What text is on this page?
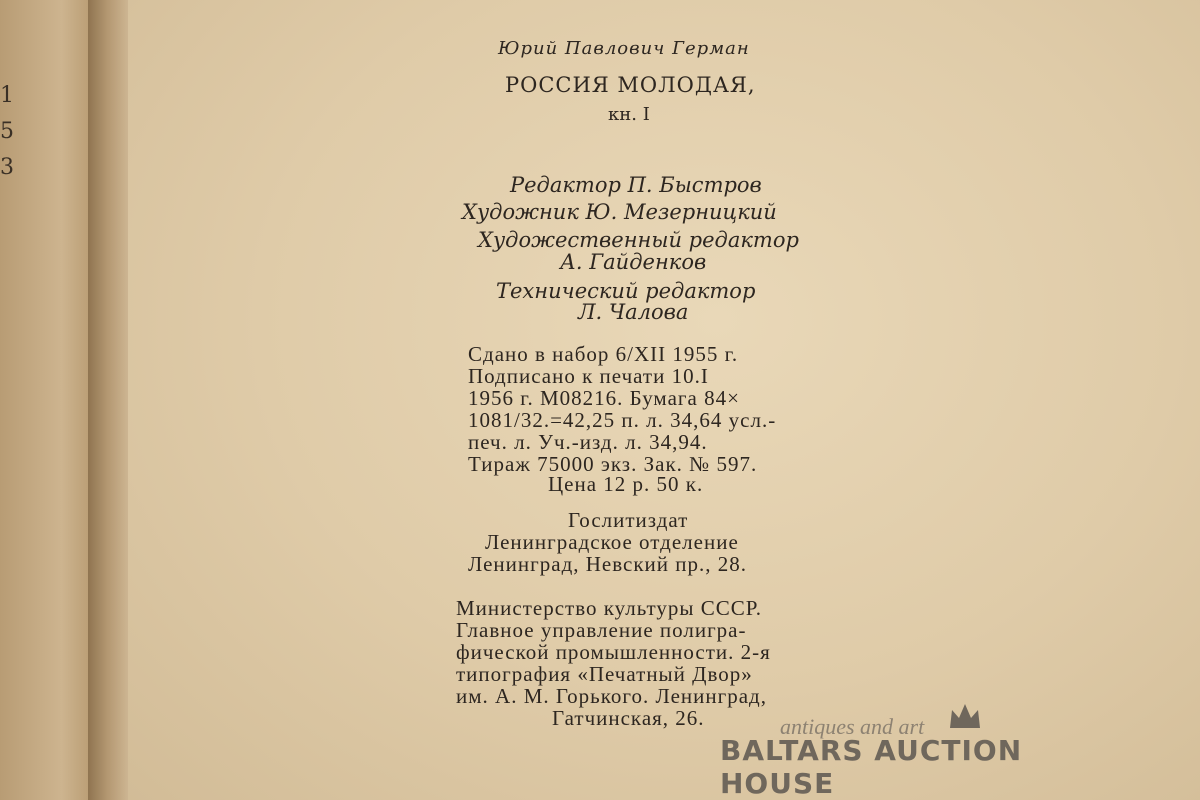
1
5
3
Юрий Павлович Герман
РОССИЯ МОЛОДАЯ,
кн. I
Редактор П. Быстров
Художник Ю. Мезерницкий
Художественный редактор
А. Гайденков
Технический редактор
Л. Чалова
Сдано в набор 6/XII 1955 г.
Подписано к печати 10.I
1956 г. М08216. Бумага 84×
1081/32.=42,25 п. л. 34,64 усл.-
печ. л. Уч.-изд. л. 34,94.
Тираж 75000 экз. Зак. № 597.
Цена 12 р. 50 к.
Гослитиздат
Ленинградское отделение
Ленинград, Невский пр., 28.
Министерство культуры СССР.
Главное управление полигра-
фической промышленности. 2-я
типография «Печатный Двор»
им. А. М. Горького. Ленинград,
Гатчинская, 26.	antiques and art
BALTARS AUCTION HOUSE
